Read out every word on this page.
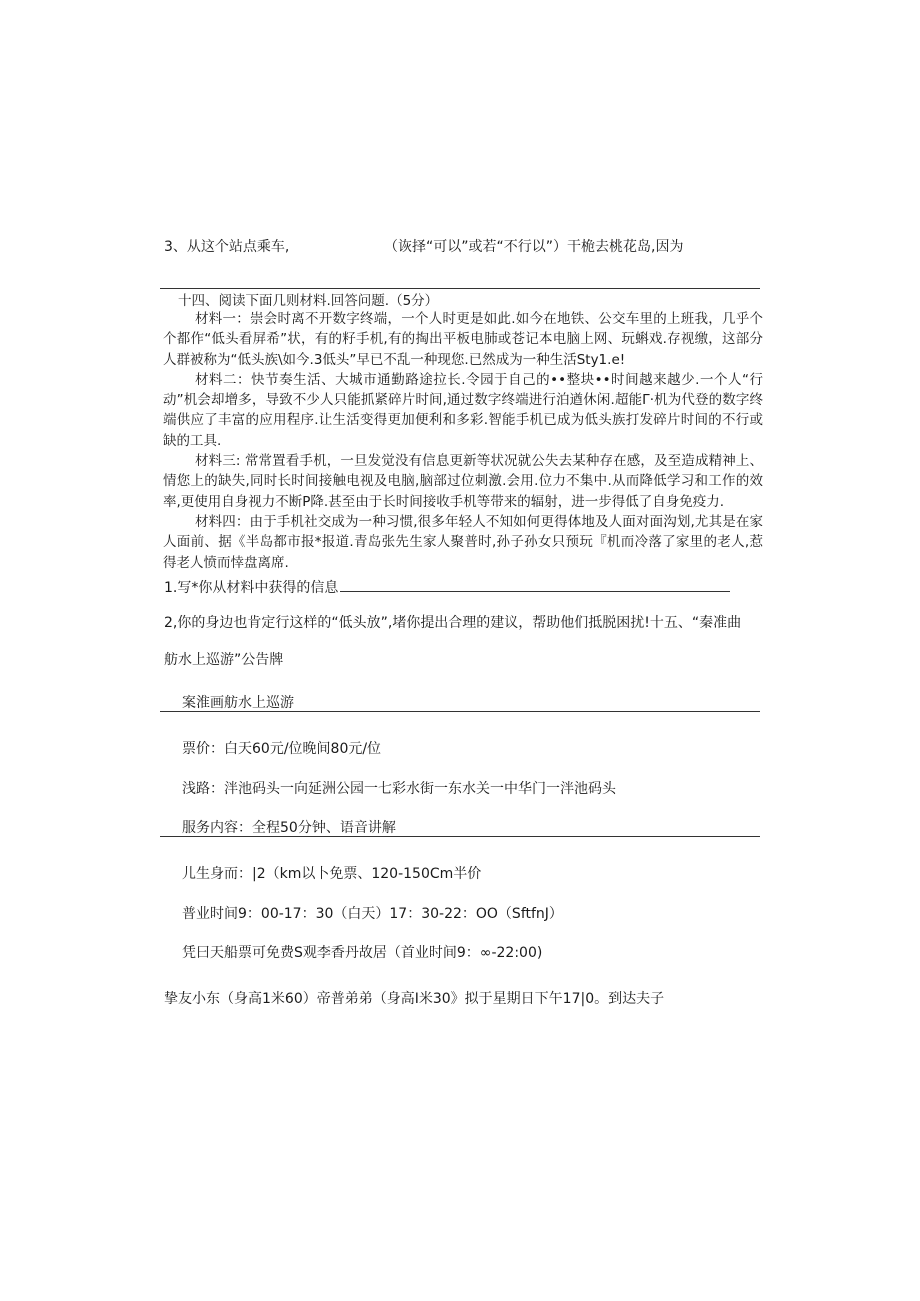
3、从这个站点乘车,	（诙择“可以”或若“不行以”）干桅去桃花岛,因为
十四、阅读下面几则材料.回答问题.（5分）

材料一：崇会时离不开数字终端，一个人时更是如此.如今在地铁、公交车里的上班我，几乎个个都作“低头看屏希”状，有的籽手机,有的掏出平板电肺或苍记本电脑上网、玩蝌戏.存视缴，这部分人群被称为“低头族\如今.3低头”早已不乱一种现您.已然成为一种生活Sty1.e!

材料二：快节奏生活、大城市通勤路途拉长.令园于自己的••整块••时间越来越少.一个人“行动”机会却增多，导致不少人只能抓紧碎片时间,通过数字终端进行泊遒休闲.超能Γ·机为代登的数字终端供应了丰富的应用程序.让生活变得更加便利和多彩.智能手机已成为低头族打发碎片时间的不行或缺的工具.

材料三: 常常置看手机，一旦发觉没有信息更新等状况就公失去某种存在感，及至造成精神上、情您上的缺失,同时长时间接触电视及电脑,脑部过位刺激.会用.位力不集中.从而降低学习和工作的效率,更使用自身视力不断Ρ降.甚至由于长时间接收手机等带来的辐射，进一步得低了自身免疫力.

材料四：由于手机社交成为一种习惯,很多年轻人不知如何更得体地及人面对面沟划,尤其是在家人面前、据《半岛都市报*报道.青岛张先生家人聚普时,孙子孙女只预玩『机而冷落了家里的老人,惹得老人愤而悻盘离席.

1.写*你从材料中获得的信息
2,你的身边也肯定行这样的“低头放”,堵你提出合理的建议，帮助他们抵脱困扰!十五、“秦准曲
舫水上巡游”公告牌
案淮画舫水上巡游
票价：白天60元/位晚间80元/位
浅路：泮池码头一向延洲公园一七彩水街一东水关一中华门一泮池码头
服务内容：全程50分钟、语音讲解
儿生身而：|2（km以卜免票、120-150Cm半价
普业时间9：00-17：30（白天）17：30-22：OO（SftfnJ）
凭曰天船票可免费S观李香丹故居（首业时间9：∞-22:00)
挚友小东（身高1米60）帝普弟弟（身高I米30》拟于星期日下午17|0。到达夫子
